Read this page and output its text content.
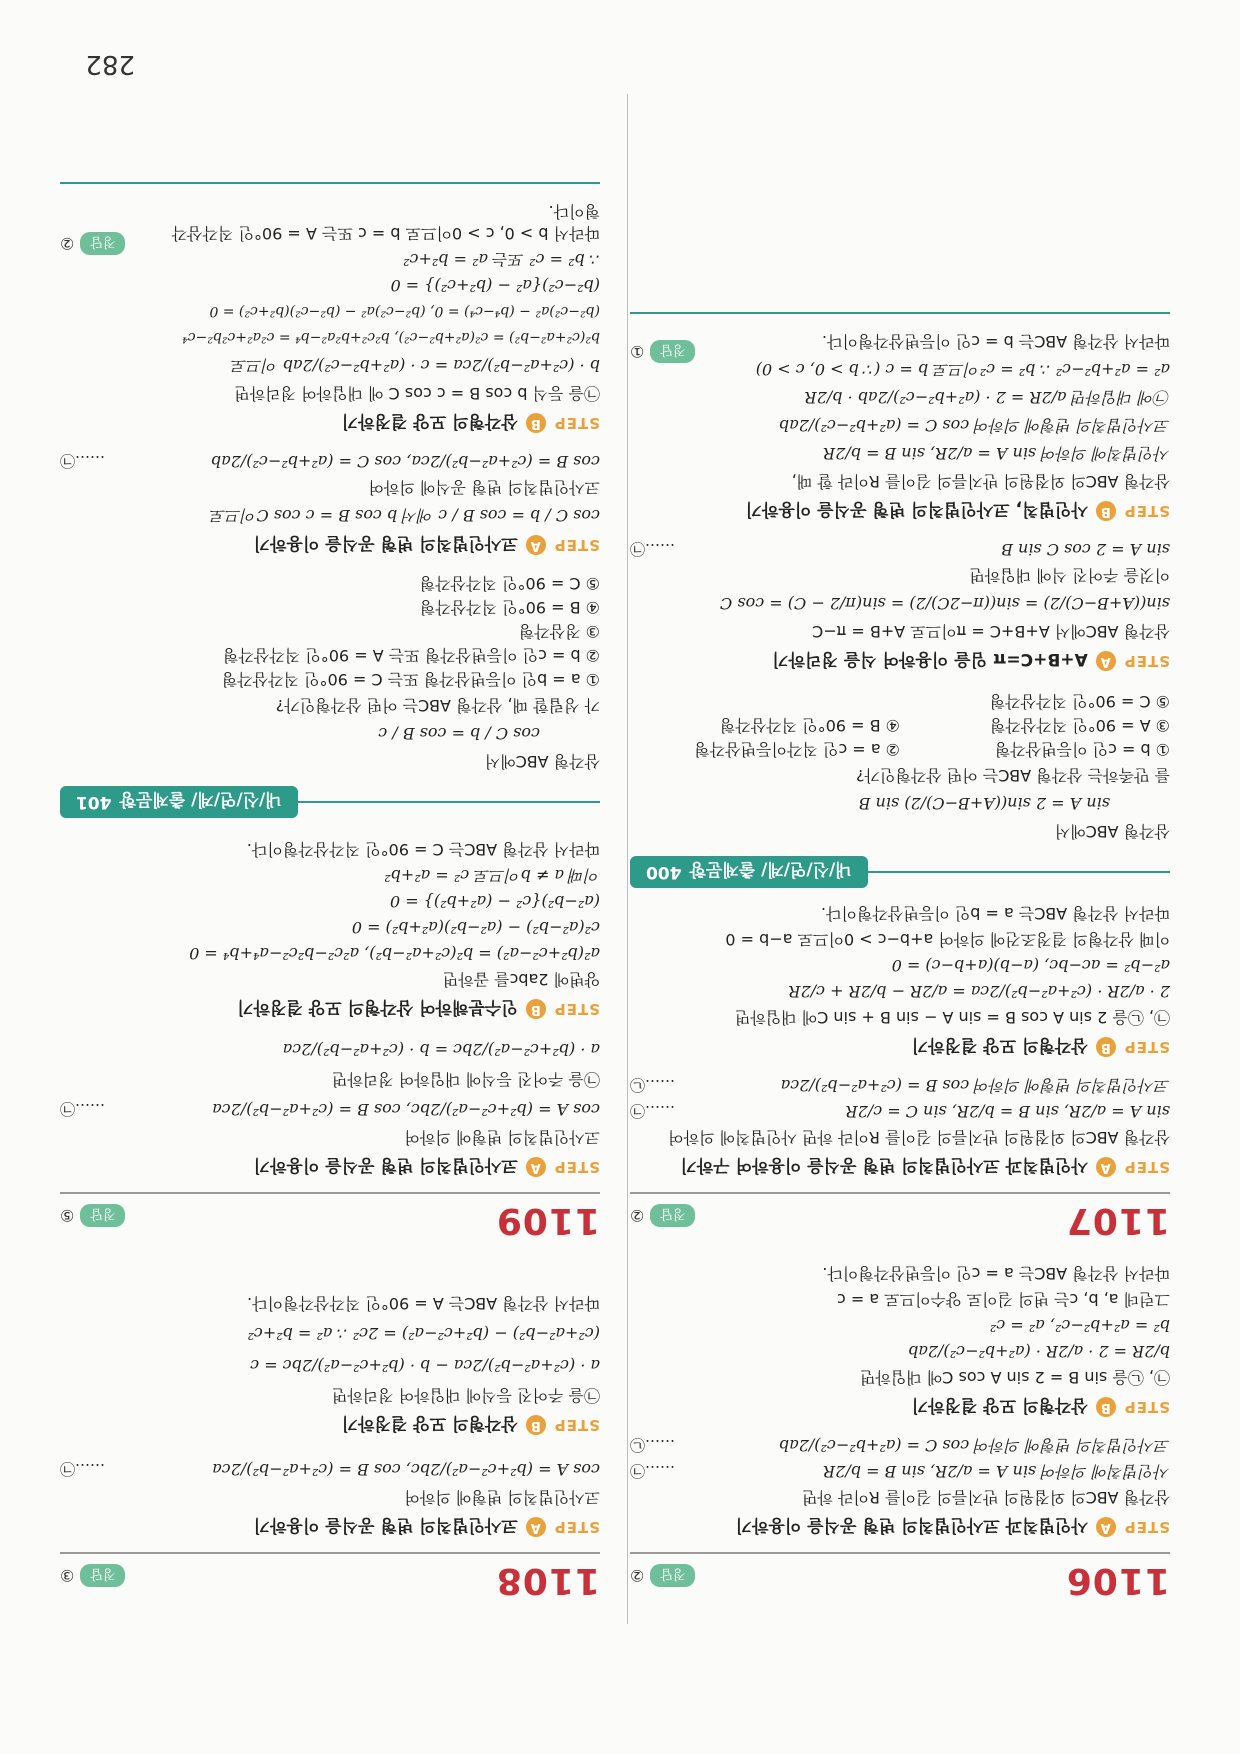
282
1106
정답
②
STEP
A
사인법칙과 코사인법칙의 변형 공식을 이용하기
삼각형 ABC의 외접원의 반지름의 길이를 R이라 하면
사인법칙에 의하여 sin A = a/2R, sin B = b/2R
……㉠
코사인법칙의 변형에 의하여 cos C = (a²+b²−c²)/2ab
……㉡
STEP
B
삼각형의 모양 결정하기
㉠, ㉡을 sin B = 2 sin A cos C에 대입하면
b/2R = 2 · a/2R · (a²+b²−c²)/2ab
b² = a²+b²−c², a² = c²
그런데 a, b, c는 변의 길이로 양수이므로 a = c
따라서 삼각형 ABC는 a = c인 이등변삼각형이다.
1107
정답
②
STEP
A
사인법칙과 코사인법칙의 변형 공식을 이용하여 구하기
삼각형 ABC의 외접원의 반지름의 길이를 R이라 하면 사인법칙에 의하여
sin A = a/2R, sin B = b/2R, sin C = c/2R
……㉠
코사인법칙의 변형에 의하여 cos B = (c²+a²−b²)/2ca
……㉡
STEP
B
삼각형의 모양 결정하기
㉠, ㉡을 2 sin A cos B = sin A − sin B + sin C에 대입하면
2 · a/2R · (c²+a²−b²)/2ca = a/2R − b/2R + c/2R
a²−b² = ac−bc, (a−b)(a+b−c) = 0
이때 삼각형의 결정조건에 의하여 a+b−c > 0이므로 a−b = 0
따라서 삼각형 ABC는 a = b인 이등변삼각형이다.
내/신/연/계/ 출제문항
400
삼각형 ABC에서
sin A = 2 sin((A+B−C)/2) sin B
를 만족하는 삼각형 ABC는 어떤 삼각형인가?
① b = c인 이등변삼각형
② a = c인 직각이등변삼각형
③ A = 90°인 직각삼각형
④ B = 90°인 직각삼각형
⑤ C = 90°인 직각삼각형
STEP
A
A+B+C=π 임을 이용하여 식을 정리하기
삼각형 ABC에서 A+B+C = π이므로 A+B = π−C
sin((A+B−C)/2) = sin((π−2C)/2) = sin(π/2 − C) = cos C
이것을 주어진 식에 대입하면
sin A = 2 cos C sin B
……㉠
STEP
B
사인법칙, 코사인법칙의 변형 공식을 이용하기
삼각형 ABC의 외접원의 반지름의 길이를 R이라 할 때,
사인법칙에 의하여 sin A = a/2R, sin B = b/2R
코사인법칙의 변형에 의하여 cos C = (a²+b²−c²)/2ab
㉠에 대입하면 a/2R = 2 · (a²+b²−c²)/2ab · b/2R
a² = a²+b²−c² ∴ b² = c²이므로 b = c (∵ b > 0, c > 0)
따라서 삼각형 ABC는 b = c인 이등변삼각형이다.
정답
①
1108
정답
③
STEP
A
코사인법칙의 변형 공식을 이용하기
코사인법칙의 변형에 의하여
cos A = (b²+c²−a²)/2bc, cos B = (c²+a²−b²)/2ca
……㉠
STEP
B
삼각형의 모양 결정하기
㉠을 주어진 등식에 대입하여 정리하면
a · (c²+a²−b²)/2ca − b · (b²+c²−a²)/2bc = c
(c²+a²−b²) − (b²+c²−a²) = 2c² ∴ a² = b²+c²
따라서 삼각형 ABC는 A = 90°인 직각삼각형이다.
1109
정답
⑤
STEP
A
코사인법칙의 변형 공식을 이용하기
코사인법칙의 변형에 의하여
cos A = (b²+c²−a²)/2bc, cos B = (c²+a²−b²)/2ca
……㉠
㉠을 주어진 등식에 대입하여 정리하면
a · (b²+c²−a²)/2bc = b · (c²+a²−b²)/2ca
STEP
B
인수분해하여 삼각형의 모양 결정하기
양변에 2abc를 곱하면
a²(b²+c²−a²) = b²(c²+a²−b²), a²c²−b²c²−a⁴+b⁴ = 0
c²(a²−b²) − (a²−b²)(a²+b²) = 0
(a²−b²){c² − (a²+b²)} = 0
이때 a ≠ b이므로 c² = a²+b²
따라서 삼각형 ABC는 C = 90°인 직각삼각형이다.
내/신/연/계/ 출제문항
401
삼각형 ABC에서
cos C / b = cos B / c
가 성립할 때, 삼각형 ABC는 어떤 삼각형인가?
① a = b인 이등변삼각형 또는 C = 90°인 직각삼각형
② b = c인 이등변삼각형 또는 A = 90°인 직각삼각형
③ 정삼각형
④ B = 90°인 직각삼각형
⑤ C = 90°인 직각삼각형
STEP
A
코사인법칙의 변형 공식을 이용하기
cos C / b = cos B / c 에서 b cos B = c cos C이므로
코사인법칙의 변형 공식에 의하여
cos B = (c²+a²−b²)/2ca, cos C = (a²+b²−c²)/2ab
……㉠
STEP
B
삼각형의 모양 결정하기
㉠을 등식 b cos B = c cos C 에 대입하여 정리하면
b · (c²+a²−b²)/2ca = c · (a²+b²−c²)/2ab 이므로
b²(c²+a²−b²) = c²(a²+b²−c²), b²c²+b²a²−b⁴ = c²a²+c²b²−c⁴
(b²−c²)a² − (b⁴−c⁴) = 0, (b²−c²)a² − (b²−c²)(b²+c²) = 0
(b²−c²){a² − (b²+c²)} = 0
∴ b² = c² 또는 a² = b²+c²
따라서 b > 0, c > 0이므로 b = c 또는 A = 90°인 직각삼각형이다.
정답
②
